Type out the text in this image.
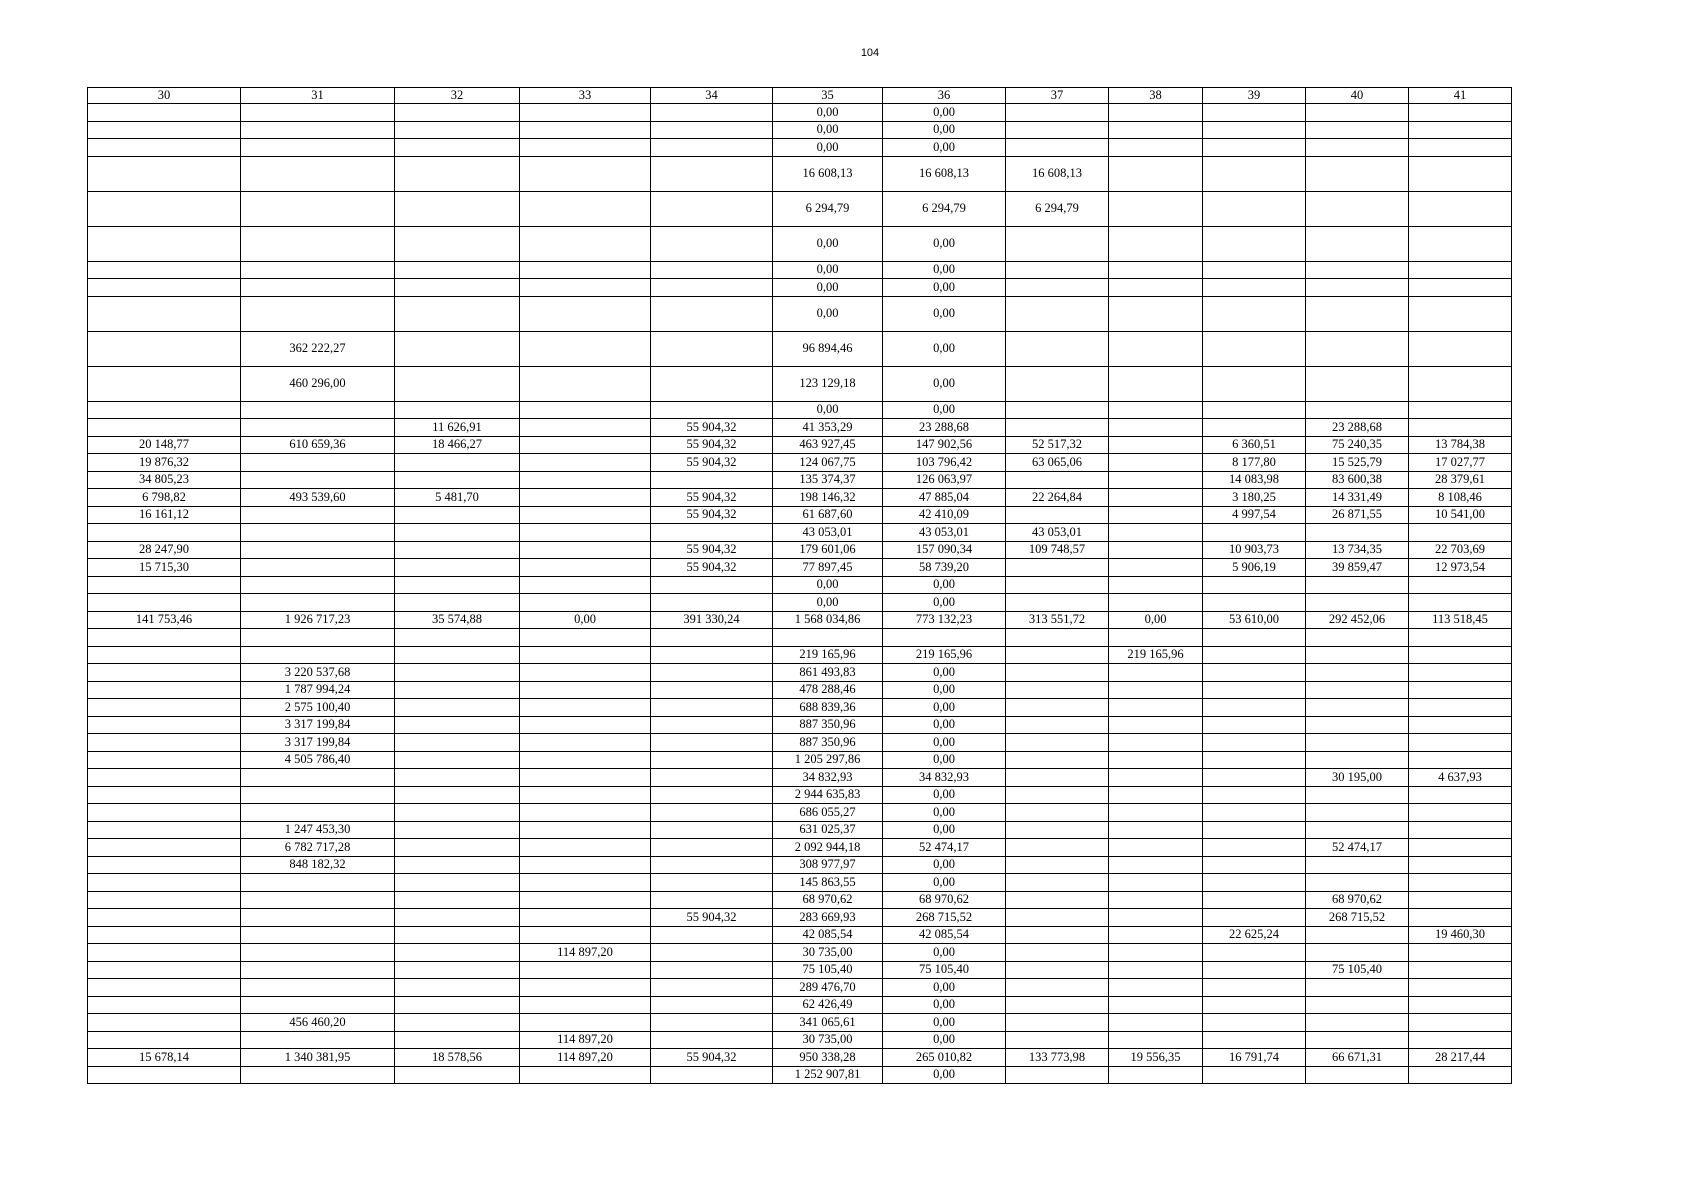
104
30	31	32	33	34	35	36	37	38	39	40	41
					0,00	0,00					
					0,00	0,00					
					0,00	0,00					
					16 608,13	16 608,13	16 608,13				
					6 294,79	6 294,79	6 294,79				
					0,00	0,00					
					0,00	0,00					
					0,00	0,00					
					0,00	0,00					
	362 222,27				96 894,46	0,00					
	460 296,00				123 129,18	0,00					
					0,00	0,00					
		11 626,91		55 904,32	41 353,29	23 288,68				23 288,68	
20 148,77	610 659,36	18 466,27		55 904,32	463 927,45	147 902,56	52 517,32		6 360,51	75 240,35	13 784,38
19 876,32				55 904,32	124 067,75	103 796,42	63 065,06		8 177,80	15 525,79	17 027,77
34 805,23					135 374,37	126 063,97			14 083,98	83 600,38	28 379,61
6 798,82	493 539,60	5 481,70		55 904,32	198 146,32	47 885,04	22 264,84		3 180,25	14 331,49	8 108,46
16 161,12				55 904,32	61 687,60	42 410,09			4 997,54	26 871,55	10 541,00
					43 053,01	43 053,01	43 053,01				
28 247,90				55 904,32	179 601,06	157 090,34	109 748,57		10 903,73	13 734,35	22 703,69
15 715,30				55 904,32	77 897,45	58 739,20			5 906,19	39 859,47	12 973,54
					0,00	0,00					
					0,00	0,00					
141 753,46	1 926 717,23	35 574,88	0,00	391 330,24	1 568 034,86	773 132,23	313 551,72	0,00	53 610,00	292 452,06	113 518,45

					219 165,96	219 165,96		219 165,96			
	3 220 537,68				861 493,83	0,00					
	1 787 994,24				478 288,46	0,00					
	2 575 100,40				688 839,36	0,00					
	3 317 199,84				887 350,96	0,00					
	3 317 199,84				887 350,96	0,00					
	4 505 786,40				1 205 297,86	0,00					
					34 832,93	34 832,93				30 195,00	4 637,93
					2 944 635,83	0,00					
					686 055,27	0,00					
	1 247 453,30				631 025,37	0,00					
	6 782 717,28				2 092 944,18	52 474,17				52 474,17	
	848 182,32				308 977,97	0,00					
					145 863,55	0,00					
					68 970,62	68 970,62				68 970,62	
				55 904,32	283 669,93	268 715,52				268 715,52	
					42 085,54	42 085,54			22 625,24		19 460,30
			114 897,20		30 735,00	0,00					
					75 105,40	75 105,40				75 105,40	
					289 476,70	0,00					
					62 426,49	0,00					
	456 460,20				341 065,61	0,00					
			114 897,20		30 735,00	0,00					
15 678,14	1 340 381,95	18 578,56	114 897,20	55 904,32	950 338,28	265 010,82	133 773,98	19 556,35	16 791,74	66 671,31	28 217,44
					1 252 907,81	0,00					
